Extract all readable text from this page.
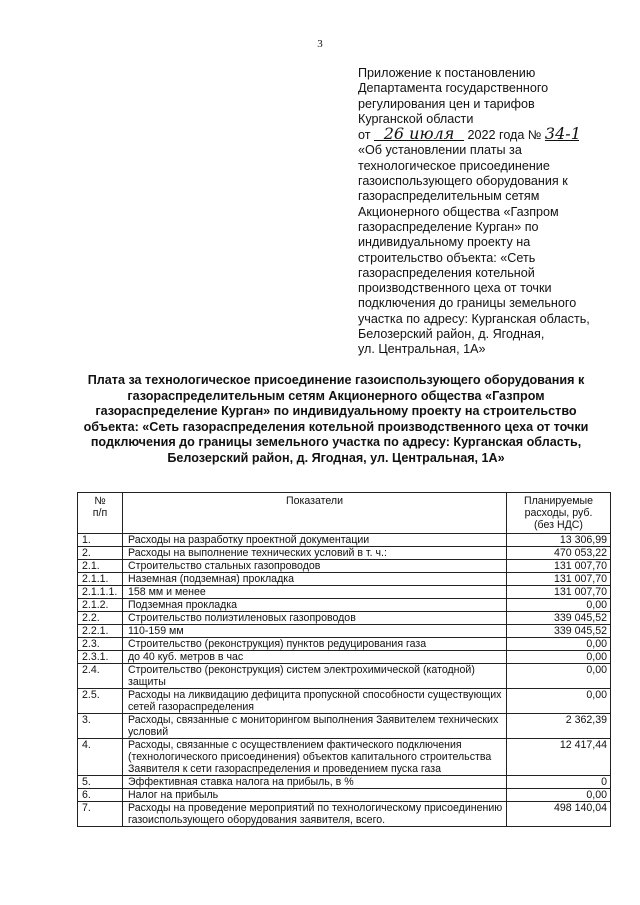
3
Приложение к постановлению
Департамента государственного
регулирования цен и тарифов
Курганской области
от 26 июля 2022 года № 34-1
«Об установлении платы за
технологическое присоединение
газоиспользующего оборудования к
газораспределительным сетям
Акционерного общества «Газпром
газораспределение Курган» по
индивидуальному проекту на
строительство объекта: «Сеть
газораспределения котельной
производственного цеха от точки
подключения до границы земельного
участка по адресу: Курганская область,
Белозерский район, д. Ягодная,
ул. Центральная, 1А»
Плата за технологическое присоединение газоиспользующего оборудования к
газораспределительным сетям Акционерного общества «Газпром
газораспределение Курган» по индивидуальному проекту на строительство
объекта: «Сеть газораспределения котельной производственного цеха от точки
подключения до границы земельного участка по адресу: Курганская область,
Белозерский район, д. Ягодная, ул. Центральная, 1А»
№
п/п	Показатели	Планируемые
расходы, руб.
(без НДС)
1.	Расходы на разработку проектной документации	13 306,99
2.	Расходы на выполнение технических условий в т. ч.:	470 053,22
2.1.	Строительство стальных газопроводов	131 007,70
2.1.1.	Наземная (подземная) прокладка	131 007,70
2.1.1.1.	158 мм и менее	131 007,70
2.1.2.	Подземная прокладка	0,00
2.2.	Строительство полиэтиленовых газопроводов	339 045,52
2.2.1.	110-159 мм	339 045,52
2.3.	Строительство (реконструкция) пунктов редуцирования газа	0,00
2.3.1.	до 40 куб. метров в час	0,00
2.4.	Строительство (реконструкция) систем электрохимической (катодной) защиты	0,00
2.5.	Расходы на ликвидацию дефицита пропускной способности существующих сетей газораспределения	0,00
3.	Расходы, связанные с мониторингом выполнения Заявителем технических условий	2 362,39
4.	Расходы, связанные с осуществлением фактического подключения (технологического присоединения) объектов капитального строительства Заявителя к сети газораспределения и проведением пуска газа	12 417,44
5.	Эффективная ставка налога на прибыль, в %	0
6.	Налог на прибыль	0,00
7.	Расходы на проведение мероприятий по технологическому присоединению газоиспользующего оборудования заявителя, всего.	498 140,04
